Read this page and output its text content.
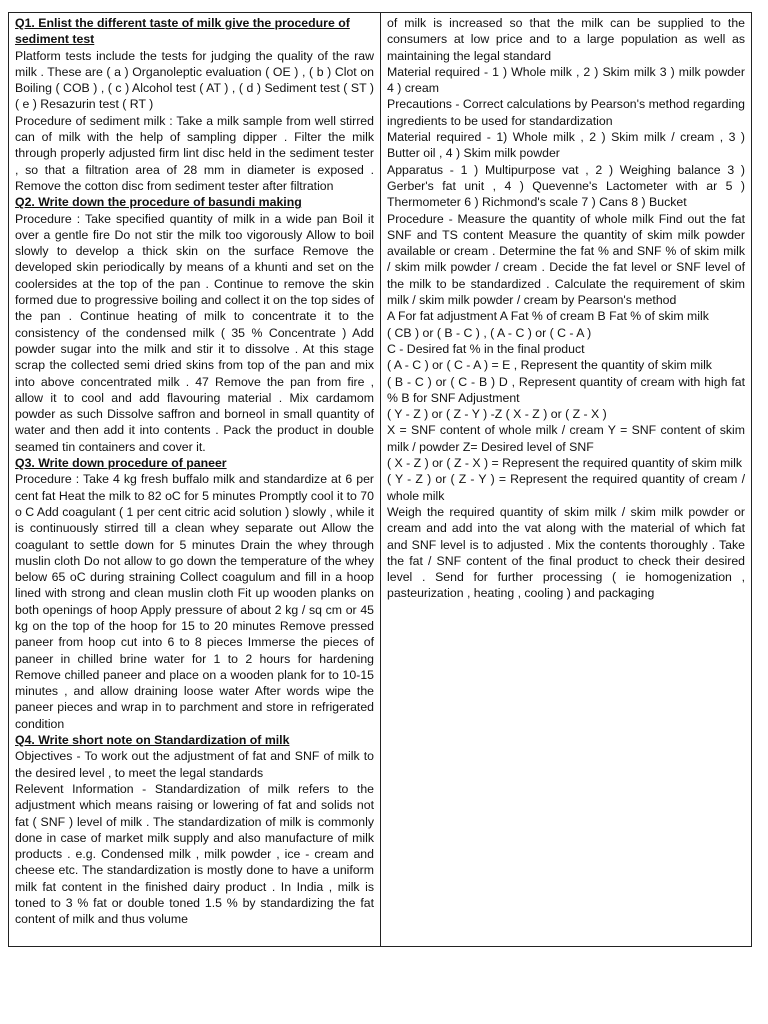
Q1. Enlist the different taste of milk give the procedure of sediment test

Platform tests include the tests for judging the quality of the raw milk . These are ( a ) Organoleptic evaluation ( OE ) , ( b ) Clot on Boiling ( COB ) , ( c ) Alcohol test ( AT ) , ( d ) Sediment test ( ST ) ( e ) Resazurin test ( RT )

Procedure of sediment milk : Take a milk sample from well stirred can of milk with the help of sampling dipper . Filter the milk through properly adjusted firm lint disc held in the sediment tester , so that a filtration area of 28 mm in diameter is exposed . Remove the cotton disc from sediment tester after filtration

Q2. Write down the procedure of basundi making

Procedure : Take specified quantity of milk in a wide pan Boil it over a gentle fire Do not stir the milk too vigorously Allow to boil slowly to develop a thick skin on the surface Remove the developed skin periodically by means of a khunti and set on the coolersides at the top of the pan . Continue to remove the skin formed due to progressive boiling and collect it on the top sides of the pan . Continue heating of milk to concentrate it to the consistency of the condensed milk ( 35 % Concentrate ) Add powder sugar into the milk and stir it to dissolve . At this stage scrap the collected semi dried skins from top of the pan and mix into above concentrated milk . 47 Remove the pan from fire , allow it to cool and add flavouring material . Mix cardamom powder as such Dissolve saffron and borneol in small quantity of water and then add it into contents . Pack the product in double seamed tin containers and cover it.

Q3. Write down procedure of paneer

Procedure : Take 4 kg fresh buffalo milk and standardize at 6 per cent fat Heat the milk to 82 oC for 5 minutes Promptly cool it to 70 o C Add coagulant ( 1 per cent citric acid solution ) slowly , while it is continuously stirred till a clean whey separate out Allow the coagulant to settle down for 5 minutes Drain the whey through muslin cloth Do not allow to go down the temperature of the whey below 65 oC during straining Collect coagulum and fill in a hoop lined with strong and clean muslin cloth Fit up wooden planks on both openings of hoop Apply pressure of about 2 kg / sq cm or 45 kg on the top of the hoop for 15 to 20 minutes Remove pressed paneer from hoop cut into 6 to 8 pieces Immerse the pieces of paneer in chilled brine water for 1 to 2 hours for hardening Remove chilled paneer and place on a wooden plank for to 10-15 minutes , and allow draining loose water After words wipe the paneer pieces and wrap in to parchment and store in refrigerated condition

Q4. Write short note on Standardization of milk

Objectives - To work out the adjustment of fat and SNF of milk to the desired level , to meet the legal standards

Relevent Information - Standardization of milk refers to the adjustment which means raising or lowering of fat and solids not fat ( SNF ) level of milk . The standardization of milk is commonly done in case of market milk supply and also manufacture of milk products . e.g. Condensed milk , milk powder , ice - cream and cheese etc. The standardization is mostly done to have a uniform milk fat content in the finished dairy product . In India , milk is toned to 3 % fat or double toned 1.5 % by standardizing the fat content of milk and thus volume

of milk is increased so that the milk can be supplied to the consumers at low price and to a large population as well as maintaining the legal standard

Material required - 1 ) Whole milk , 2 ) Skim milk 3 ) milk powder 4 ) cream

Precautions - Correct calculations by Pearson's method regarding ingredients to be used for standardization

Material required - 1) Whole milk , 2 ) Skim milk / cream , 3 ) Butter oil , 4 ) Skim milk powder

Apparatus - 1 ) Multipurpose vat , 2 ) Weighing balance 3 ) Gerber's fat unit , 4 ) Quevenne's Lactometer with ar 5 ) Thermometer 6 ) Richmond's scale 7 ) Cans 8 ) Bucket

Procedure - Measure the quantity of whole milk Find out the fat SNF and TS content Measure the quantity of skim milk powder available or cream . Determine the fat % and SNF % of skim milk / skim milk powder / cream . Decide the fat level or SNF level of the milk to be standardized . Calculate the requirement of skim milk / skim milk powder / cream by Pearson's method

A For fat adjustment A Fat % of cream B Fat % of skim milk

( CB ) or ( B - C ) , ( A - C ) or ( C - A )

C - Desired fat % in the final product

( A - C ) or ( C - A ) = E , Represent the quantity of skim milk

( B - C ) or ( C - B ) D , Represent quantity of cream with high fat % B for SNF Adjustment

( Y - Z ) or ( Z - Y ) -Z ( X - Z ) or ( Z - X )

X = SNF content of whole milk / cream Y = SNF content of skim milk / powder Z= Desired level of SNF

( X - Z ) or ( Z - X ) = Represent the required quantity of skim milk

( Y - Z ) or ( Z - Y ) = Represent the required quantity of cream / whole milk

Weigh the required quantity of skim milk / skim milk powder or cream and add into the vat along with the material of which fat and SNF level is to adjusted . Mix the contents thoroughly . Take the fat / SNF content of the final product to check their desired level . Send for further processing ( ie homogenization , pasteurization , heating , cooling ) and packaging
